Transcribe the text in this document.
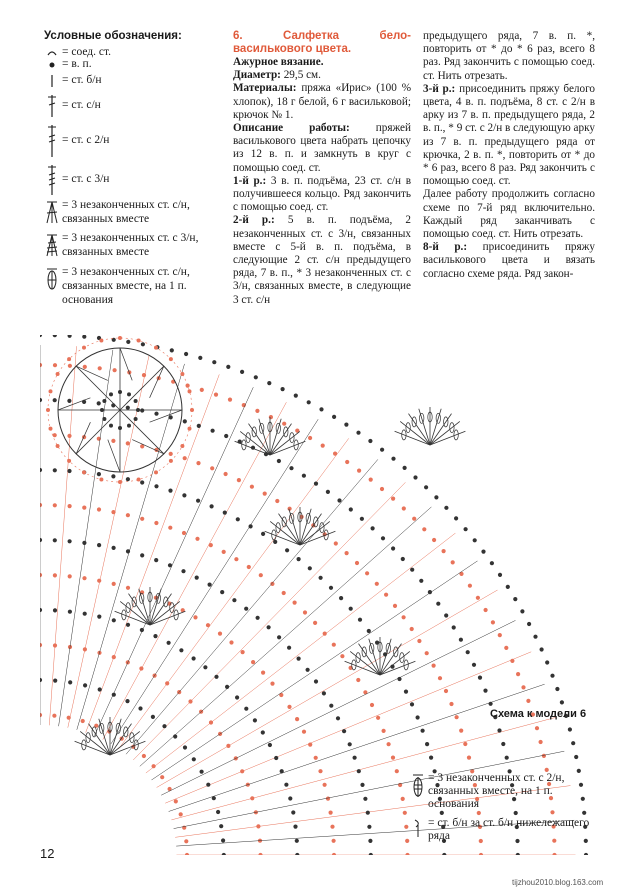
Условные обозначения:
= соед. ст.
= в. п.
= ст. б/н
= ст. с/н
= ст. с 2/н
= ст. с 3/н
= 3 незаконченных ст. с/н, связанных вместе
= 3 незаконченных ст. с 3/н, связанных вместе
= 3 незаконченных ст. с/н, связанных вместе, на 1 п. основания
6. Салфетка бело-василькового цвета.
Ажурное вязание.
Диаметр: 29,5 см.
Материалы: пряжа «Ирис» (100 % хлопок), 18 г белой, 6 г васильковой; крючок № 1.
Описание работы: пряжей василькового цвета набрать цепочку из 12 в. п. и замкнуть в круг с помощью соед. ст.
1-й р.: 3 в. п. подъёма, 23 ст. с/н в получившееся кольцо. Ряд закончить с помощью соед. ст.
2-й р.: 5 в. п. подъёма, 2 незаконченных ст. с 3/н, связанных вместе с 5-й в. п. подъёма, в следующие 2 ст. с/н предыдущего ряда, 7 в. п., * 3 незаконченных ст. с 3/н, связанных вместе, в следующие 3 ст. с/н
предыдущего ряда, 7 в. п. *, повторить от * до * 6 раз, всего 8 раз. Ряд закончить с помощью соед. ст. Нить отрезать.
3-й р.: присоединить пряжу белого цвета, 4 в. п. подъёма, 8 ст. с 2/н в арку из 7 в. п. предыдущего ряда, 2 в. п., * 9 ст. с 2/н в следующую арку из 7 в. п. предыдущего ряда от крючка, 2 в. п. *, повторить от * до * 6 раз, всего 8 раз. Ряд закончить с помощью соед. ст.
Далее работу продолжить согласно схеме по 7-й ряд включительно. Каждый ряд заканчивать с помощью соед. ст. Нить отрезать.
8-й р.: присоединить пряжу василькового цвета и вязать согласно схеме ряда. Ряд закон-
Схема к модели 6
= 3 незаконченных ст. с 2/н, связанных вместе, на 1 п. основания
= ст. б/н за ст. б/н нижележащего ряда
12
tijzhou2010.blog.163.com
